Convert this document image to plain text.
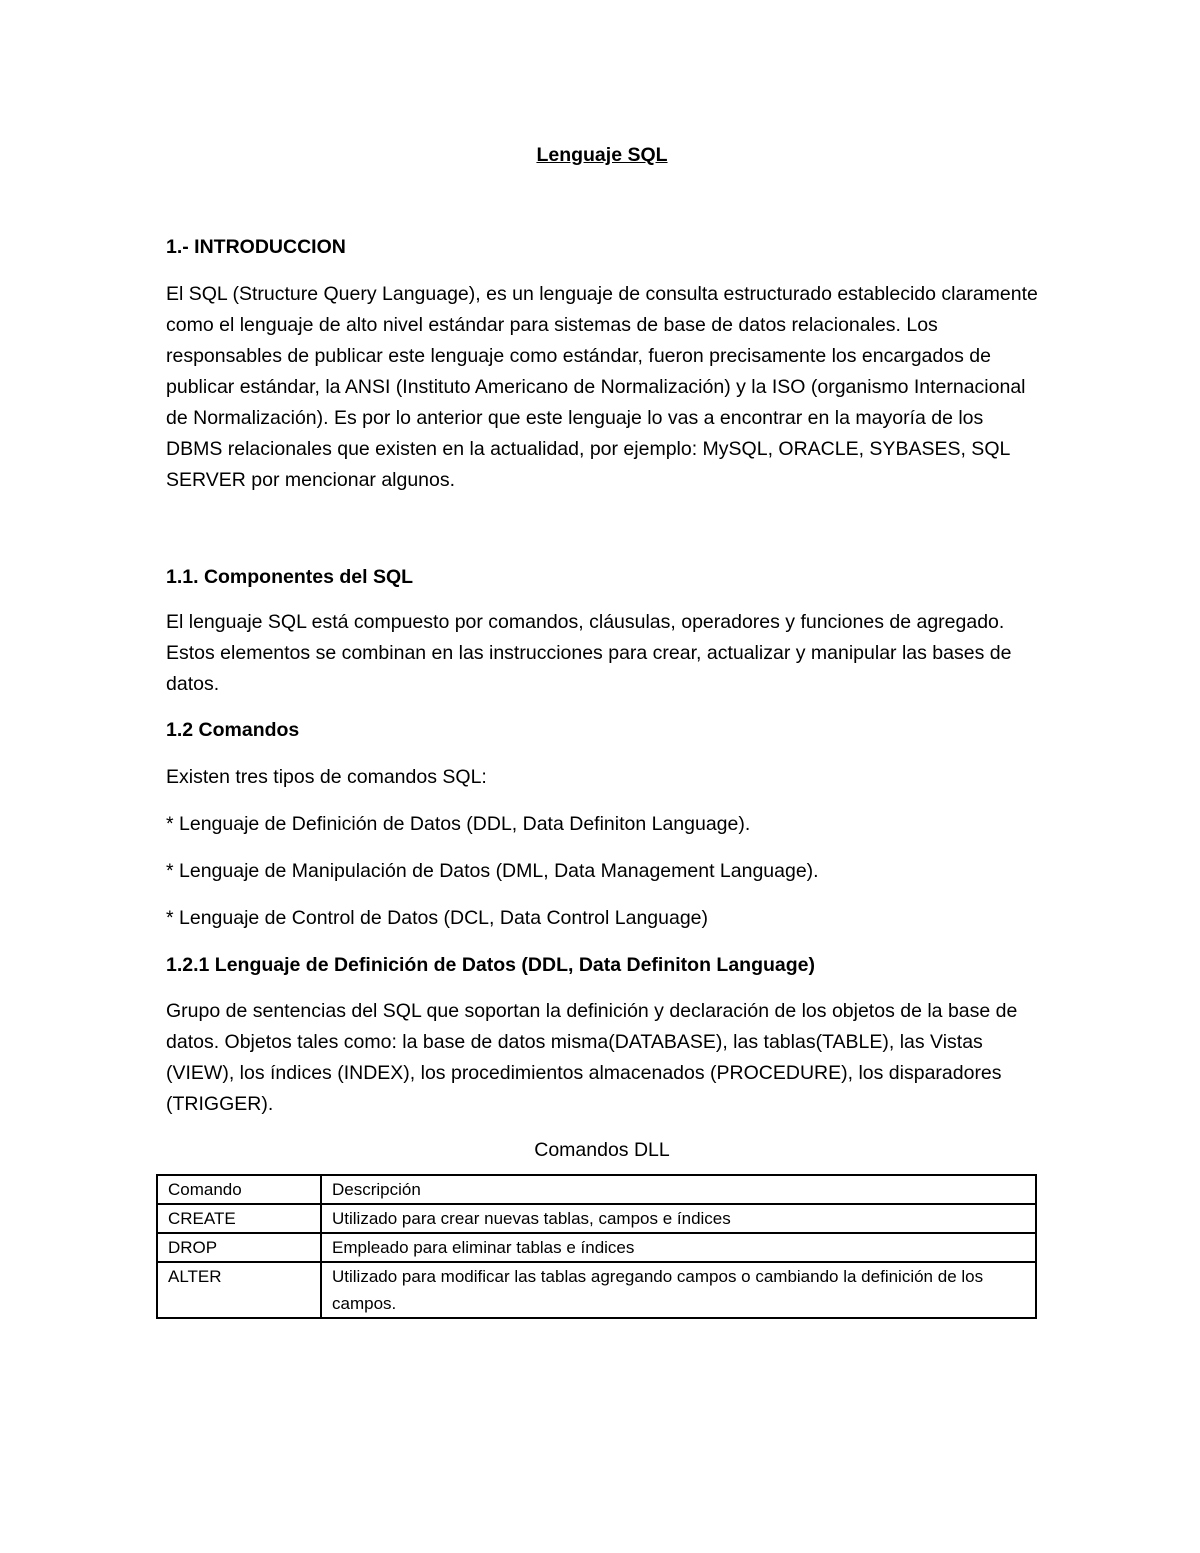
Lenguaje SQL

1.- INTRODUCCION

El SQL (Structure Query Language), es un lenguaje de consulta estructurado establecido claramente como el lenguaje de alto nivel estándar para sistemas de base de datos relacionales. Los responsables de publicar este lenguaje como estándar, fueron precisamente los encargados de publicar estándar, la ANSI (Instituto Americano de Normalización) y la ISO (organismo Internacional de Normalización). Es por lo anterior que este lenguaje lo vas a encontrar en la mayoría de los DBMS relacionales que existen en la actualidad, por ejemplo: MySQL, ORACLE, SYBASES, SQL SERVER por mencionar algunos.

1.1. Componentes del SQL

El lenguaje SQL está compuesto por comandos, cláusulas, operadores y funciones de agregado. Estos elementos se combinan en las instrucciones para crear, actualizar y manipular las bases de datos.

1.2 Comandos

Existen tres tipos de comandos SQL:

* Lenguaje de Definición de Datos (DDL, Data Definiton Language).

* Lenguaje de Manipulación de Datos (DML, Data Management Language).

* Lenguaje de Control de Datos (DCL, Data Control Language)

1.2.1 Lenguaje de Definición de Datos (DDL, Data Definiton Language)

Grupo de sentencias del SQL que soportan la definición y declaración de los objetos de la base de datos. Objetos tales como: la base de datos misma(DATABASE), las tablas(TABLE), las Vistas (VIEW), los índices (INDEX), los procedimientos almacenados (PROCEDURE), los disparadores (TRIGGER).

Comandos DLL

Comando	Descripción
CREATE	Utilizado para crear nuevas tablas, campos e índices
DROP	Empleado para eliminar tablas e índices
ALTER	Utilizado para modificar las tablas agregando campos o cambiando la definición de los campos.
